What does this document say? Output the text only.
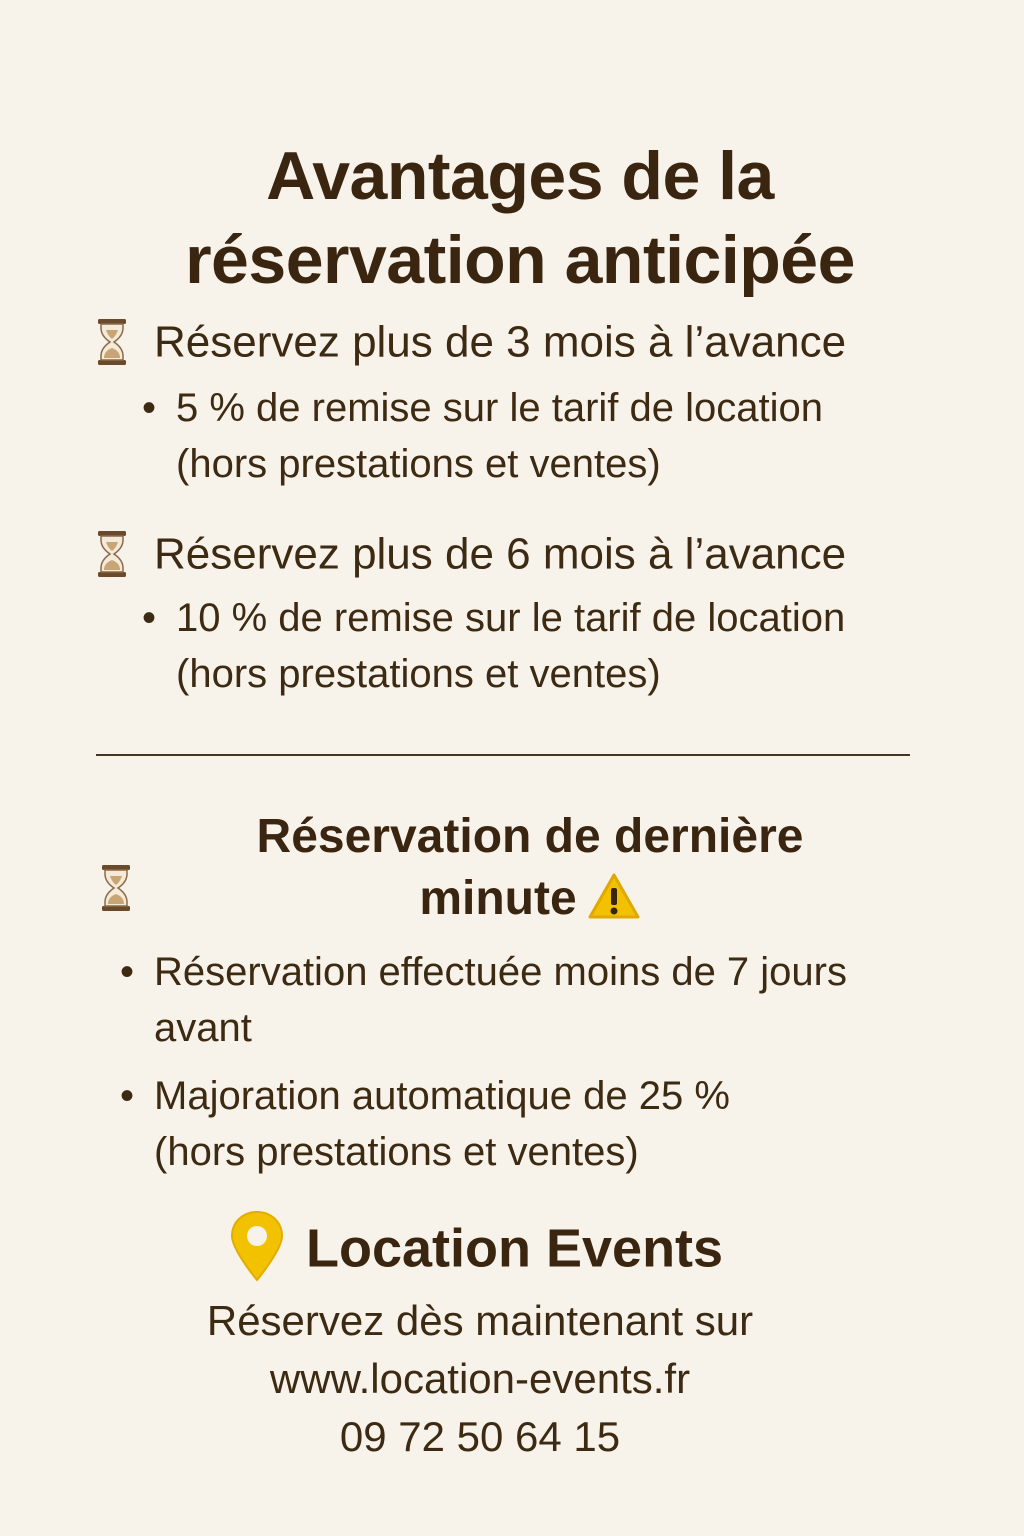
Avantages de la
réservation anticipée
Réservez plus de 3 mois à l’avance
• 5 % de remise sur le tarif de location
(hors prestations et ventes)
Réservez plus de 6 mois à l’avance
• 10 % de remise sur le tarif de location
(hors prestations et ventes)
Réservation de dernière
minute
• Réservation effectuée moins de 7 jours
avant
• Majoration automatique de 25 %
(hors prestations et ventes)
Location Events
Réservez dès maintenant sur
www.location-events.fr
09 72 50 64 15
